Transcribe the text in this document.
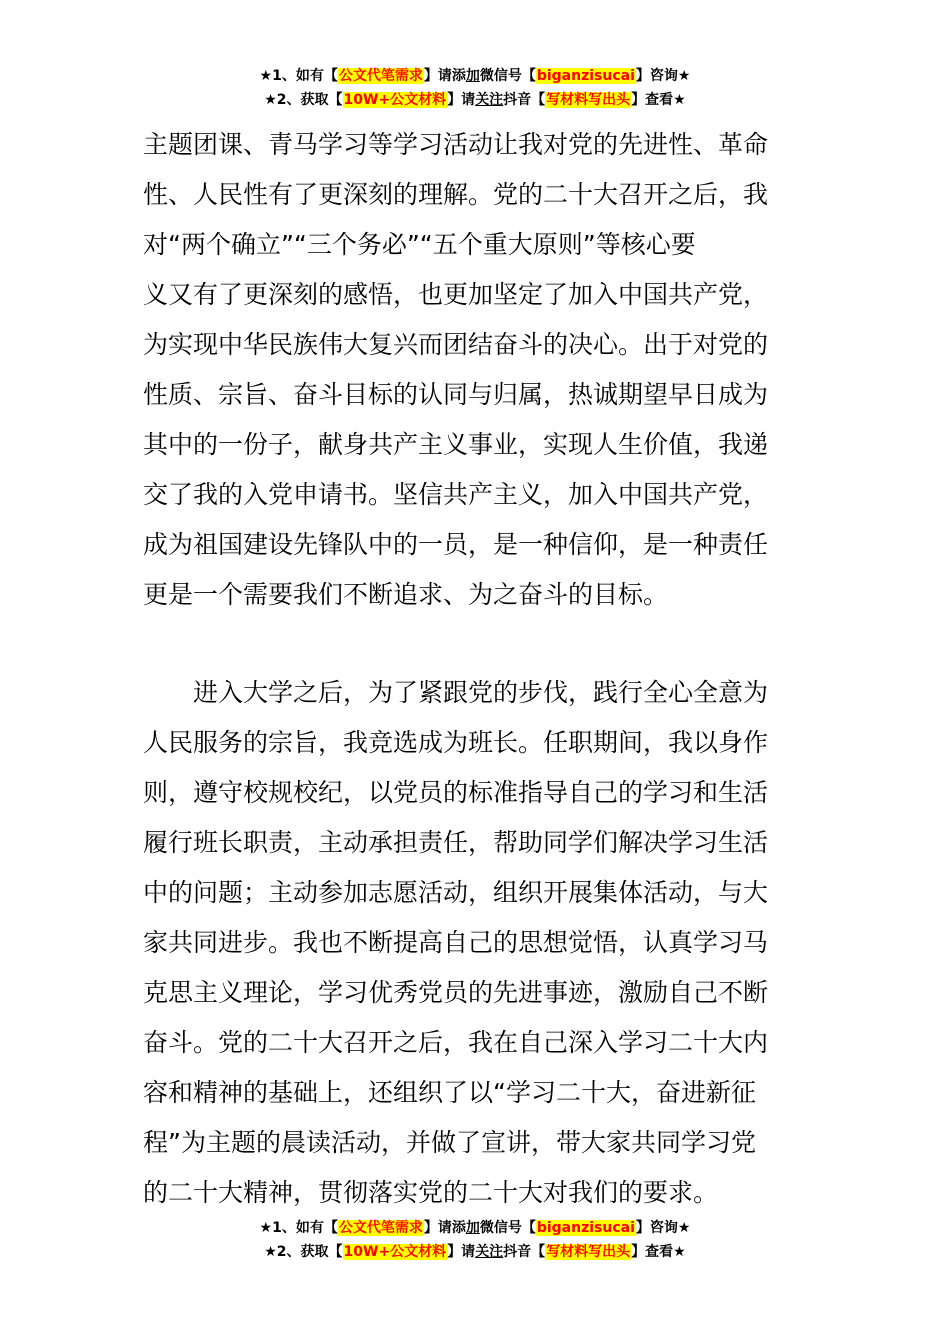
★1、如有【公文代笔需求】请添加微信号【biganzisucai】咨询★
★2、获取【10W+公文材料】请关注抖音【写材料写出头】查看★
主题团课、青马学习等学习活动让我对党的先进性、革命
性、人民性有了更深刻的理解。党的二十大召开之后，我
对“两个确立”“三个务必”“五个重大原则”等核心要
义又有了更深刻的感悟，也更加坚定了加入中国共产党，
为实现中华民族伟大复兴而团结奋斗的决心。出于对党的
性质、宗旨、奋斗目标的认同与归属，热诚期望早日成为
其中的一份子，献身共产主义事业，实现人生价值，我递
交了我的入党申请书。坚信共产主义，加入中国共产党，
成为祖国建设先锋队中的一员，是一种信仰，是一种责任
更是一个需要我们不断追求、为之奋斗的目标。
　　进入大学之后，为了紧跟党的步伐，践行全心全意为
人民服务的宗旨，我竞选成为班长。任职期间，我以身作
则，遵守校规校纪，以党员的标准指导自己的学习和生活
履行班长职责，主动承担责任，帮助同学们解决学习生活
中的问题；主动参加志愿活动，组织开展集体活动，与大
家共同进步。我也不断提高自己的思想觉悟，认真学习马
克思主义理论，学习优秀党员的先进事迹，激励自己不断
奋斗。党的二十大召开之后，我在自己深入学习二十大内
容和精神的基础上，还组织了以“学习二十大，奋进新征
程”为主题的晨读活动，并做了宣讲，带大家共同学习党
的二十大精神，贯彻落实党的二十大对我们的要求。
★1、如有【公文代笔需求】请添加微信号【biganzisucai】咨询★
★2、获取【10W+公文材料】请关注抖音【写材料写出头】查看★
